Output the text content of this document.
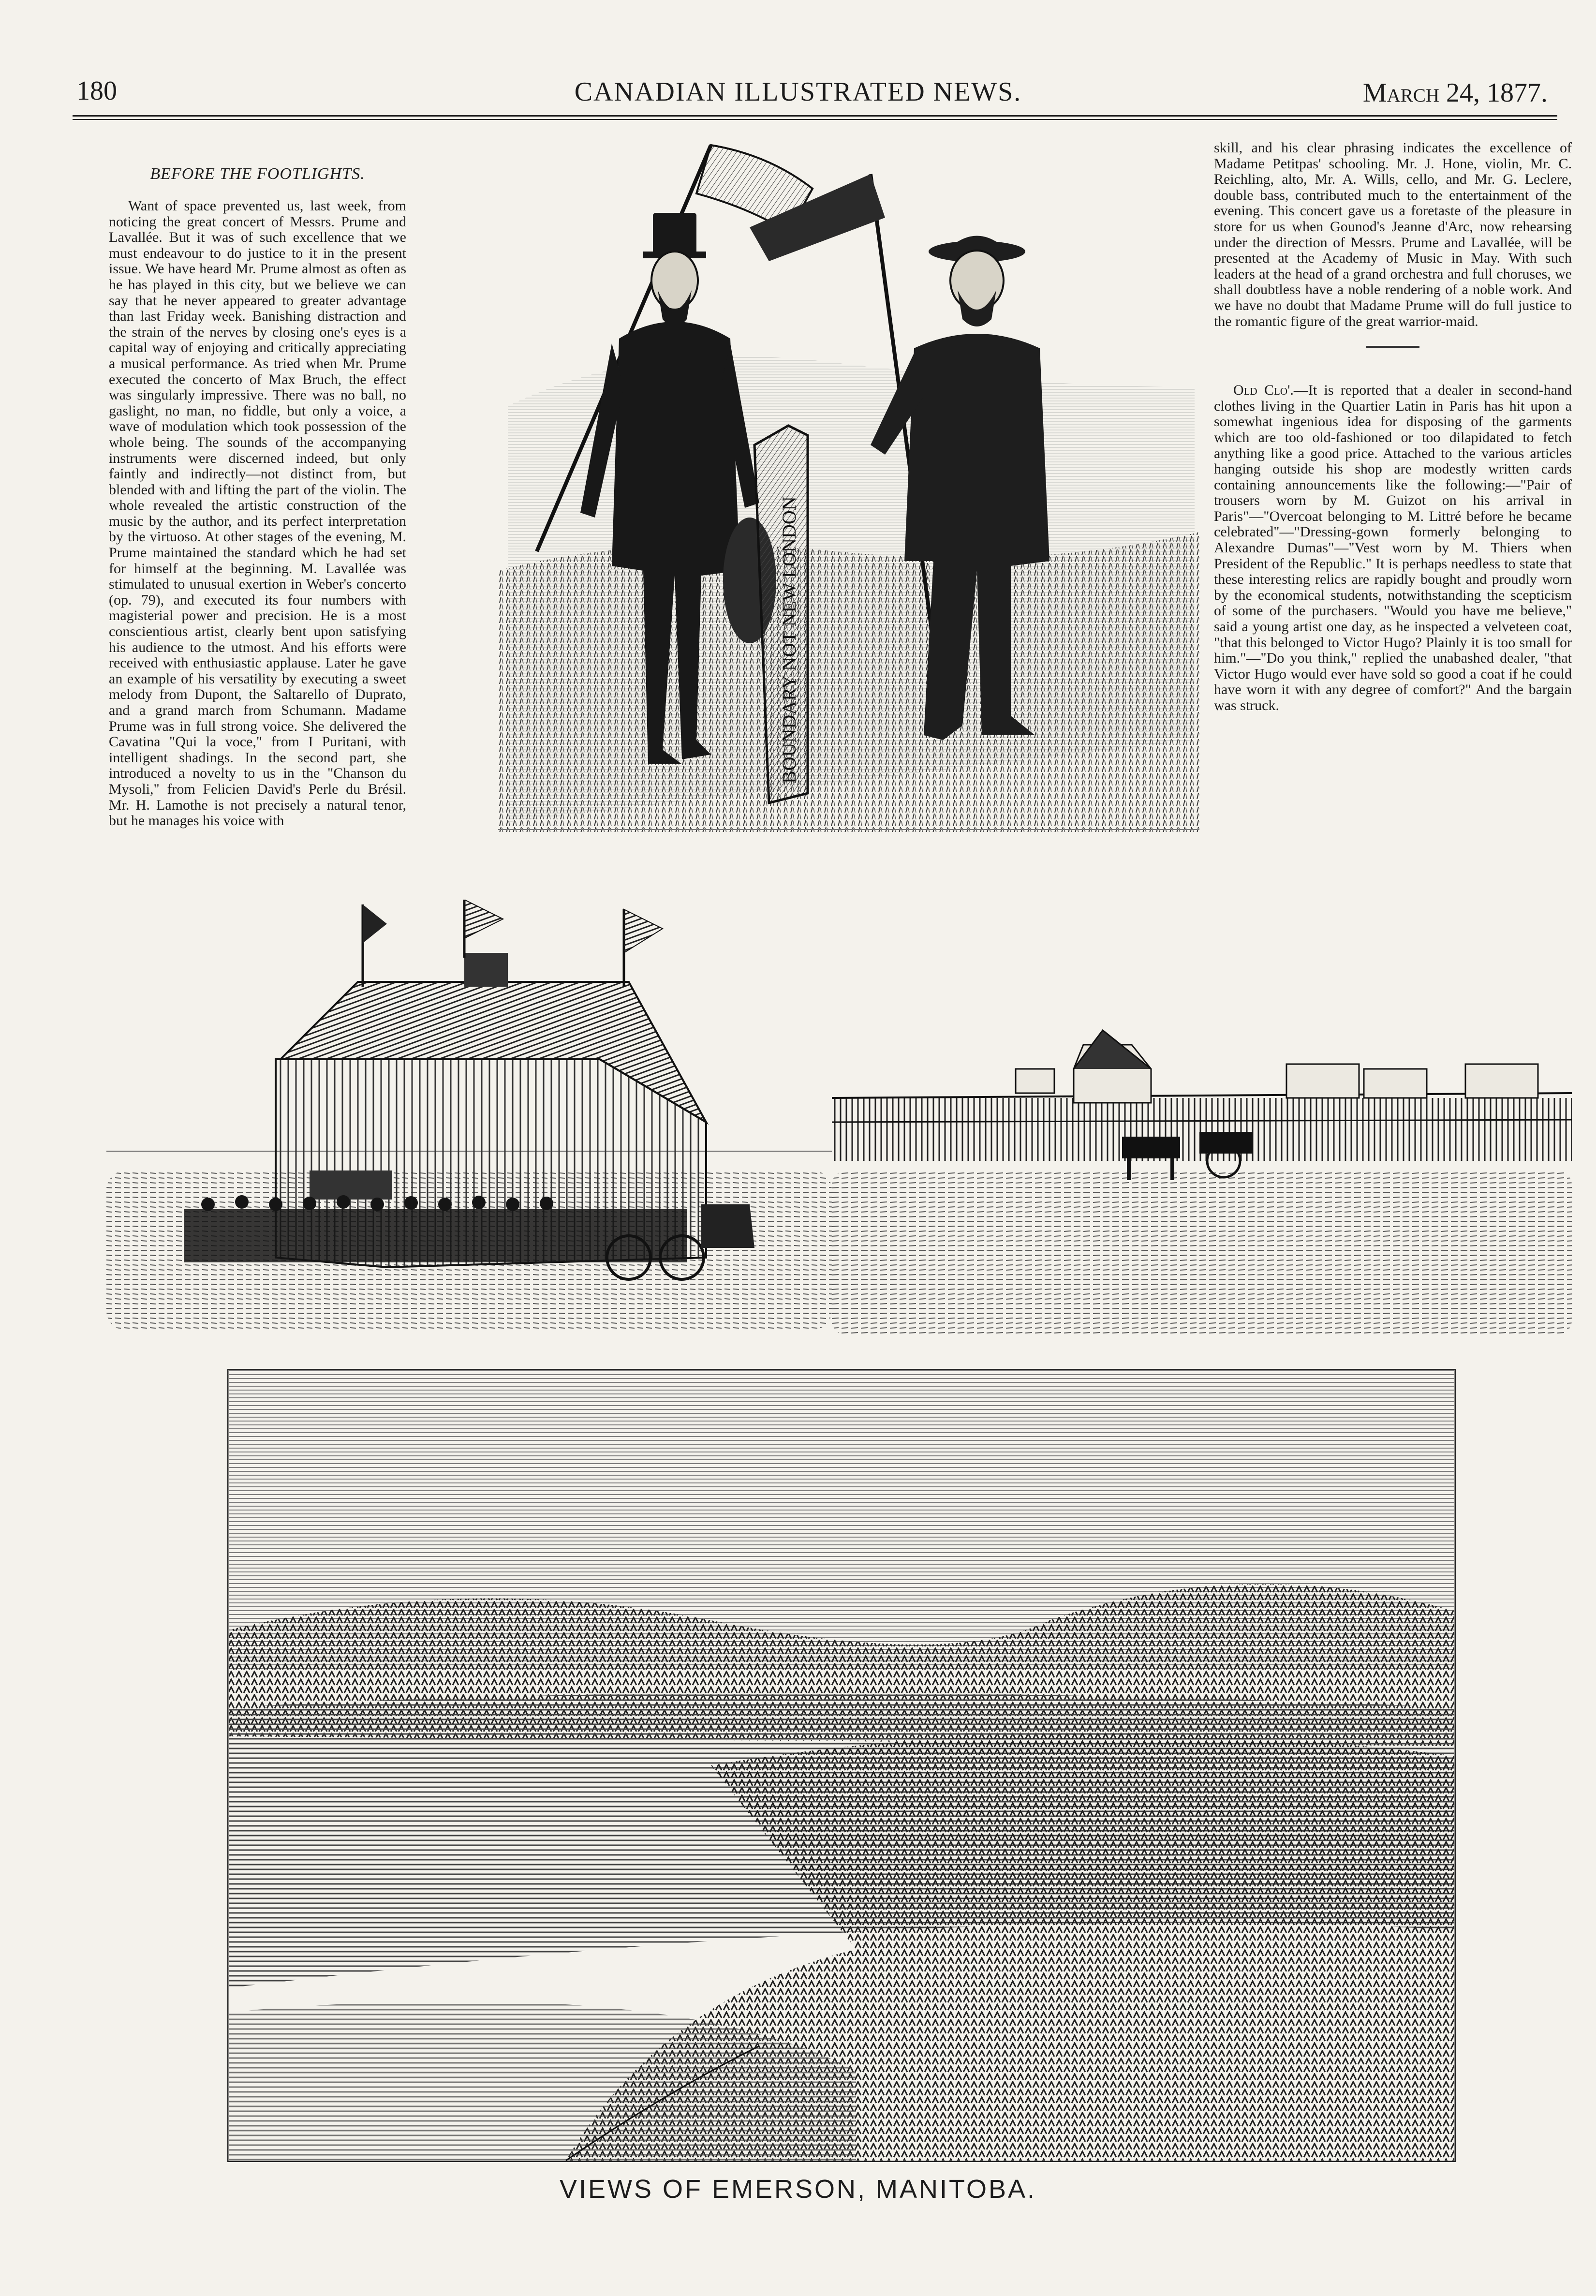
180	CANADIAN ILLUSTRATED NEWS.	March 24, 1877.
BEFORE THE FOOTLIGHTS.

Want of space prevented us, last week, from noticing the great concert of Messrs. Prume and Lavallée. But it was of such excellence that we must endeavour to do justice to it in the present issue. We have heard Mr. Prume almost as often as he has played in this city, but we believe we can say that he never appeared to greater advantage than last Friday week. Banishing distraction and the strain of the nerves by closing one's eyes is a capital way of enjoying and critically appreciating a musical performance. As tried when Mr. Prume executed the concerto of Max Bruch, the effect was singularly impressive. There was no ball, no gaslight, no man, no fiddle, but only a voice, a wave of modulation which took possession of the whole being. The sounds of the accompanying instruments were discerned indeed, but only faintly and indirectly—not distinct from, but blended with and lifting the part of the violin. The whole revealed the artistic construction of the music by the author, and its perfect interpretation by the virtuoso. At other stages of the evening, M. Prume maintained the standard which he had set for himself at the beginning. M. Lavallée was stimulated to unusual exertion in Weber's concerto (op. 79), and executed its four numbers with magisterial power and precision. He is a most conscientious artist, clearly bent upon satisfying his audience to the utmost. And his efforts were received with enthusiastic applause. Later he gave an example of his versatility by executing a sweet melody from Dupont, the Saltarello of Duprato, and a grand march from Schumann. Madame Prume was in full strong voice. She delivered the Cavatina "Qui la voce," from I Puritani, with intelligent shadings. In the second part, she introduced a novelty to us in the "Chanson du Mysoli," from Felicien David's Perle du Brésil. Mr. H. Lamothe is not precisely a natural tenor, but he manages his voice with

skill, and his clear phrasing indicates the excellence of Madame Petitpas' schooling. Mr. J. Hone, violin, Mr. C. Reichling, alto, Mr. A. Wills, cello, and Mr. G. Leclere, double bass, contributed much to the entertainment of the evening. This concert gave us a foretaste of the pleasure in store for us when Gounod's Jeanne d'Arc, now rehearsing under the direction of Messrs. Prume and Lavallée, will be presented at the Academy of Music in May. With such leaders at the head of a grand orchestra and full choruses, we shall doubtless have a noble rendering of a noble work. And we have no doubt that Madame Prume will do full justice to the romantic figure of the great warrior-maid.

Old Clo'.—It is reported that a dealer in second-hand clothes living in the Quartier Latin in Paris has hit upon a somewhat ingenious idea for disposing of the garments which are too old-fashioned or too dilapidated to fetch anything like a good price. Attached to the various articles hanging outside his shop are modestly written cards containing announcements like the following:—"Pair of trousers worn by M. Guizot on his arrival in Paris"—"Overcoat belonging to M. Littré before he became celebrated"—"Dressing-gown formerly belonging to Alexandre Dumas"—"Vest worn by M. Thiers when President of the Republic." It is perhaps needless to state that these interesting relics are rapidly bought and proudly worn by the economical students, notwithstanding the scepticism of some of the purchasers. "Would you have me believe," said a young artist one day, as he inspected a velveteen coat, "that this belonged to Victor Hugo? Plainly it is too small for him."—"Do you think," replied the unabashed dealer, "that Victor Hugo would ever have sold so good a coat if he could have worn it with any degree of comfort?" And the bargain was struck.

BOUNDARY NOT NEW LONDON
VIEWS OF EMERSON, MANITOBA.
